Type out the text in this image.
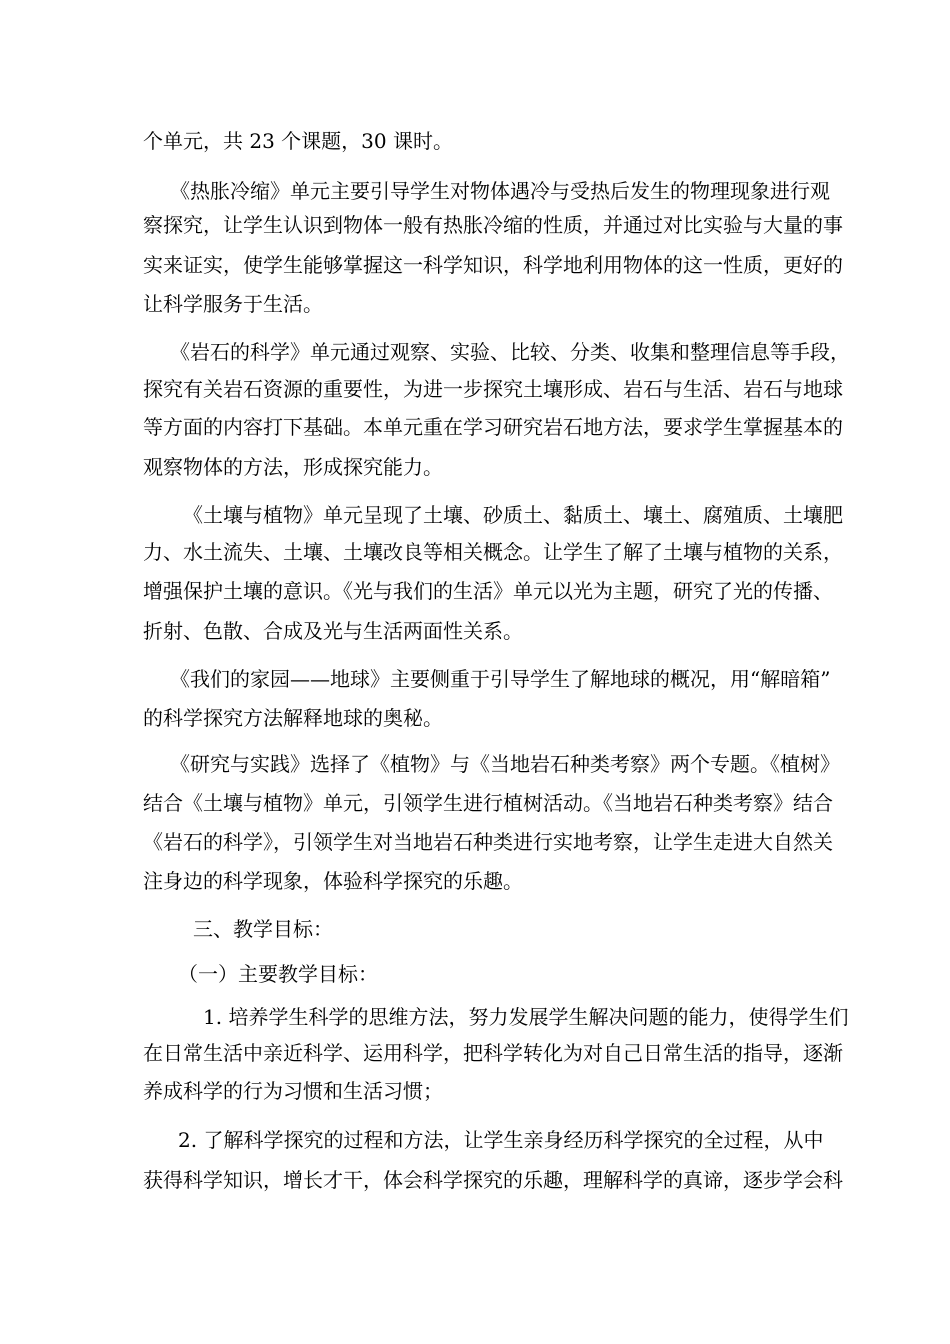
个单元，共 23 个课题，30 课时。
《热胀冷缩》单元主要引导学生对物体遇冷与受热后发生的物理现象进行观
察探究，让学生认识到物体一般有热胀冷缩的性质，并通过对比实验与大量的事
实来证实，使学生能够掌握这一科学知识，科学地利用物体的这一性质，更好的
让科学服务于生活。
《岩石的科学》单元通过观察、实验、比较、分类、收集和整理信息等手段，
探究有关岩石资源的重要性，为进一步探究土壤形成、岩石与生活、岩石与地球
等方面的内容打下基础。本单元重在学习研究岩石地方法，要求学生掌握基本的
观察物体的方法，形成探究能力。
《土壤与植物》单元呈现了土壤、砂质土、黏质土、壤土、腐殖质、土壤肥
力、水土流失、土壤、土壤改良等相关概念。让学生了解了土壤与植物的关系，
增强保护土壤的意识。《光与我们的生活》单元以光为主题，研究了光的传播、
折射、色散、合成及光与生活两面性关系。
《我们的家园——地球》主要侧重于引导学生了解地球的概况，用“解暗箱”
的科学探究方法解释地球的奥秘。
《研究与实践》选择了《植物》与《当地岩石种类考察》两个专题。《植树》
结合《土壤与植物》单元，引领学生进行植树活动。《当地岩石种类考察》结合
《岩石的科学》，引领学生对当地岩石种类进行实地考察，让学生走进大自然关
注身边的科学现象，体验科学探究的乐趣。
三、教学目标：
（一）主要教学目标：
1. 培养学生科学的思维方法，努力发展学生解决问题的能力，使得学生们
在日常生活中亲近科学、运用科学，把科学转化为对自己日常生活的指导，逐渐
养成科学的行为习惯和生活习惯；
2. 了解科学探究的过程和方法，让学生亲身经历科学探究的全过程，从中
获得科学知识，增长才干，体会科学探究的乐趣，理解科学的真谛，逐步学会科
